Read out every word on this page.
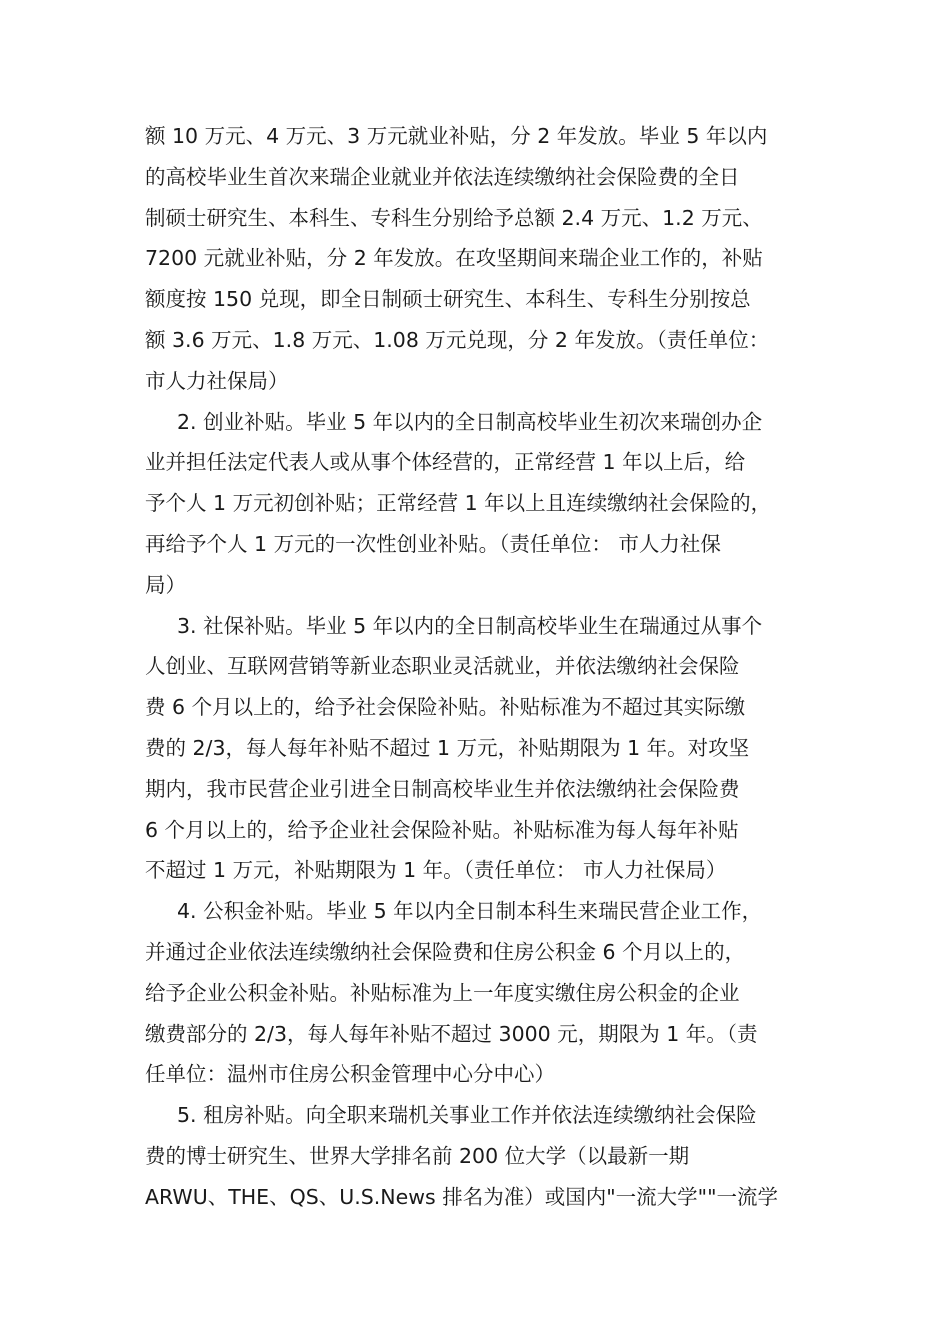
额 10 万元、4 万元、3 万元就业补贴，分 2 年发放。毕业 5 年以内
的高校毕业生首次来瑞企业就业并依法连续缴纳社会保险费的全日
制硕士研究生、本科生、专科生分别给予总额 2.4 万元、1.2 万元、
7200 元就业补贴，分 2 年发放。在攻坚期间来瑞企业工作的，补贴
额度按 150 兑现，即全日制硕士研究生、本科生、专科生分别按总
额 3.6 万元、1.8 万元、1.08 万元兑现，分 2 年发放。（责任单位：
市人力社保局）
2. 创业补贴。毕业 5 年以内的全日制高校毕业生初次来瑞创办企
业并担任法定代表人或从事个体经营的，正常经营 1 年以上后，给
予个人 1 万元初创补贴；正常经营 1 年以上且连续缴纳社会保险的，
再给予个人 1 万元的一次性创业补贴。（责任单位： 市人力社保
局）
3. 社保补贴。毕业 5 年以内的全日制高校毕业生在瑞通过从事个
人创业、互联网营销等新业态职业灵活就业，并依法缴纳社会保险
费 6 个月以上的，给予社会保险补贴。补贴标准为不超过其实际缴
费的 2/3，每人每年补贴不超过 1 万元，补贴期限为 1 年。对攻坚
期内，我市民营企业引进全日制高校毕业生并依法缴纳社会保险费
6 个月以上的，给予企业社会保险补贴。补贴标准为每人每年补贴
不超过 1 万元，补贴期限为 1 年。（责任单位： 市人力社保局）
4. 公积金补贴。毕业 5 年以内全日制本科生来瑞民营企业工作，
并通过企业依法连续缴纳社会保险费和住房公积金 6 个月以上的，
给予企业公积金补贴。补贴标准为上一年度实缴住房公积金的企业
缴费部分的 2/3，每人每年补贴不超过 3000 元，期限为 1 年。（责
任单位：温州市住房公积金管理中心分中心）
5. 租房补贴。向全职来瑞机关事业工作并依法连续缴纳社会保险
费的博士研究生、世界大学排名前 200 位大学（以最新一期
ARWU、THE、QS、U.S.News 排名为准）或国内"一流大学""一流学
